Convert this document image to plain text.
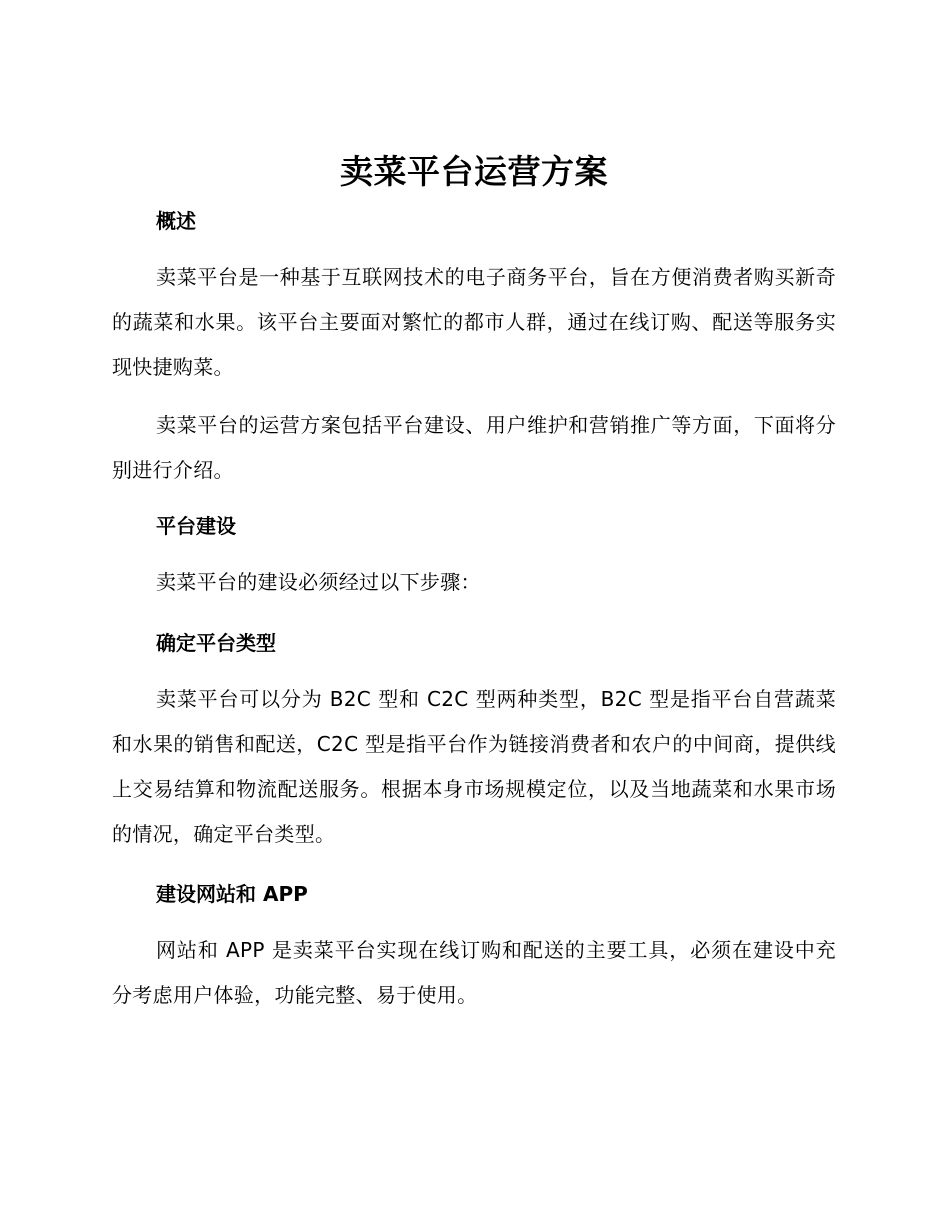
卖菜平台运营方案
概述

卖菜平台是一种基于互联网技术的电子商务平台，旨在方便消费者购买新奇的蔬菜和水果。该平台主要面对繁忙的都市人群，通过在线订购、配送等服务实现快捷购菜。

卖菜平台的运营方案包括平台建设、用户维护和营销推广等方面，下面将分别进行介绍。

平台建设

卖菜平台的建设必须经过以下步骤：

确定平台类型

卖菜平台可以分为 B2C 型和 C2C 型两种类型，B2C 型是指平台自营蔬菜和水果的销售和配送，C2C 型是指平台作为链接消费者和农户的中间商，提供线上交易结算和物流配送服务。根据本身市场规模定位，以及当地蔬菜和水果市场的情况，确定平台类型。

建设网站和 APP

网站和 APP 是卖菜平台实现在线订购和配送的主要工具，必须在建设中充分考虑用户体验，功能完整、易于使用。
